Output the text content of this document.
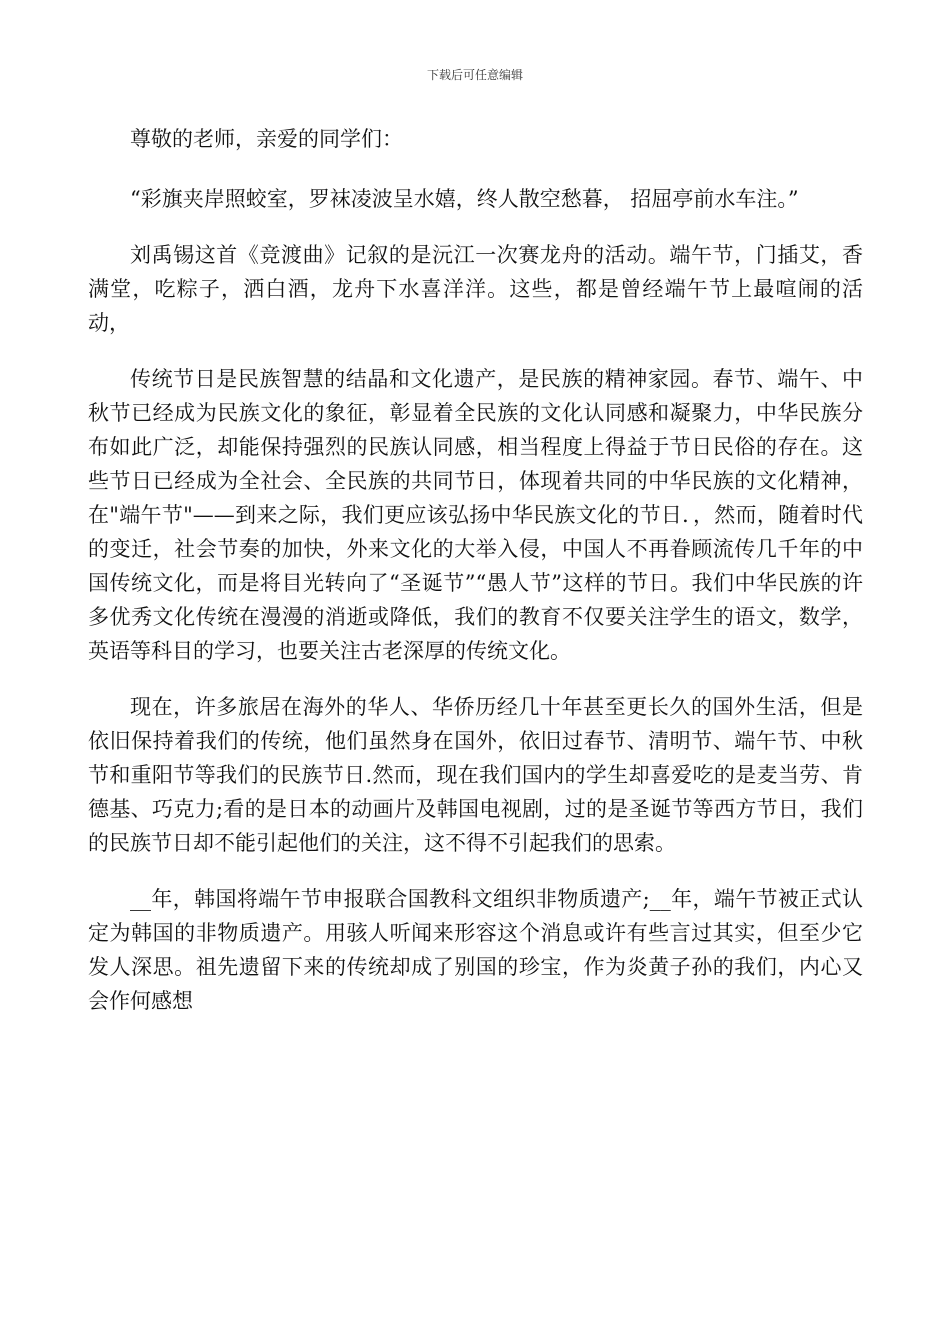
下载后可任意编辑

尊敬的老师，亲爱的同学们：

“彩旗夹岸照蛟室，罗袜凌波呈水嬉，终人散空愁暮， 招屈亭前水车注。”

刘禹锡这首《竞渡曲》记叙的是沅江一次赛龙舟的活动。端午节，门插艾，香满堂，吃粽子，洒白酒，龙舟下水喜洋洋。这些，都是曾经端午节上最喧闹的活动，

传统节日是民族智慧的结晶和文化遗产，是民族的精神家园。春节、端午、中秋节已经成为民族文化的象征，彰显着全民族的文化认同感和凝聚力，中华民族分布如此广泛，却能保持强烈的民族认同感，相当程度上得益于节日民俗的存在。这些节日已经成为全社会、全民族的共同节日，体现着共同的中华民族的文化精神，在"端午节"——到来之际，我们更应该弘扬中华民族文化的节日．，然而，随着时代的变迁，社会节奏的加快，外来文化的大举入侵，中国人不再眷顾流传几千年的中国传统文化，而是将目光转向了“圣诞节”“愚人节”这样的节日。我们中华民族的许多优秀文化传统在漫漫的消逝或降低，我们的教育不仅要关注学生的语文，数学，英语等科目的学习，也要关注古老深厚的传统文化。

现在，许多旅居在海外的华人、华侨历经几十年甚至更长久的国外生活，但是依旧保持着我们的传统，他们虽然身在国外，依旧过春节、清明节、端午节、中秋节和重阳节等我们的民族节日.然而，现在我们国内的学生却喜爱吃的是麦当劳、肯德基、巧克力;看的是日本的动画片及韩国电视剧，过的是圣诞节等西方节日，我们的民族节日却不能引起他们的关注，这不得不引起我们的思索。

__年，韩国将端午节申报联合国教科文组织非物质遗产;__年，端午节被正式认定为韩国的非物质遗产。用骇人听闻来形容这个消息或许有些言过其实，但至少它发人深思。祖先遗留下来的传统却成了别国的珍宝，作为炎黄子孙的我们，内心又会作何感想
